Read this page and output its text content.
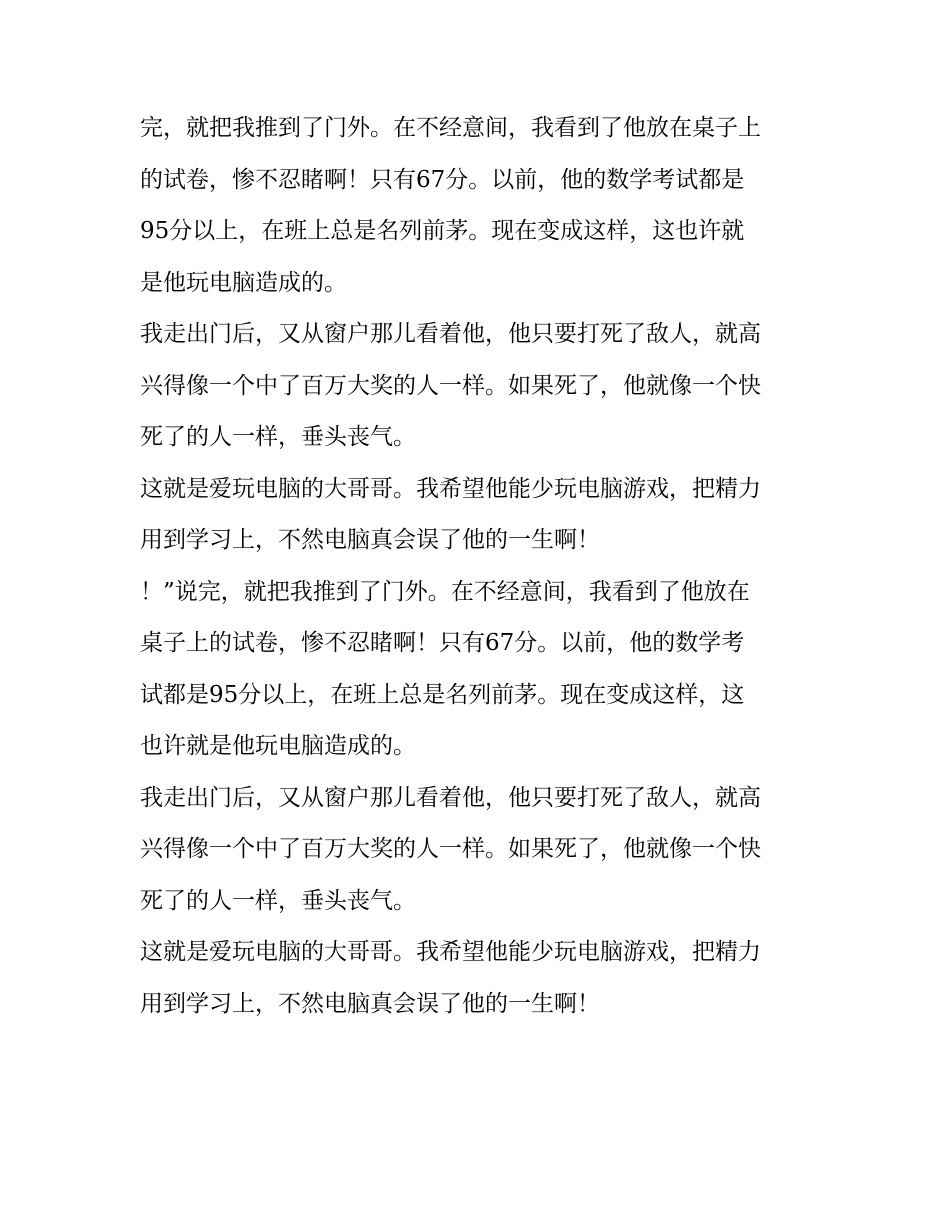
完，就把我推到了门外。在不经意间，我看到了他放在桌子上
的试卷，惨不忍睹啊！只有67分。以前，他的数学考试都是
95分以上，在班上总是名列前茅。现在变成这样，这也许就
是他玩电脑造成的。
我走出门后，又从窗户那儿看着他，他只要打死了敌人，就高
兴得像一个中了百万大奖的人一样。如果死了，他就像一个快
死了的人一样，垂头丧气。
这就是爱玩电脑的大哥哥。我希望他能少玩电脑游戏，把精力
用到学习上，不然电脑真会误了他的一生啊！
！”说完，就把我推到了门外。在不经意间，我看到了他放在
桌子上的试卷，惨不忍睹啊！只有67分。以前，他的数学考
试都是95分以上，在班上总是名列前茅。现在变成这样，这
也许就是他玩电脑造成的。
我走出门后，又从窗户那儿看着他，他只要打死了敌人，就高
兴得像一个中了百万大奖的人一样。如果死了，他就像一个快
死了的人一样，垂头丧气。
这就是爱玩电脑的大哥哥。我希望他能少玩电脑游戏，把精力
用到学习上，不然电脑真会误了他的一生啊！
